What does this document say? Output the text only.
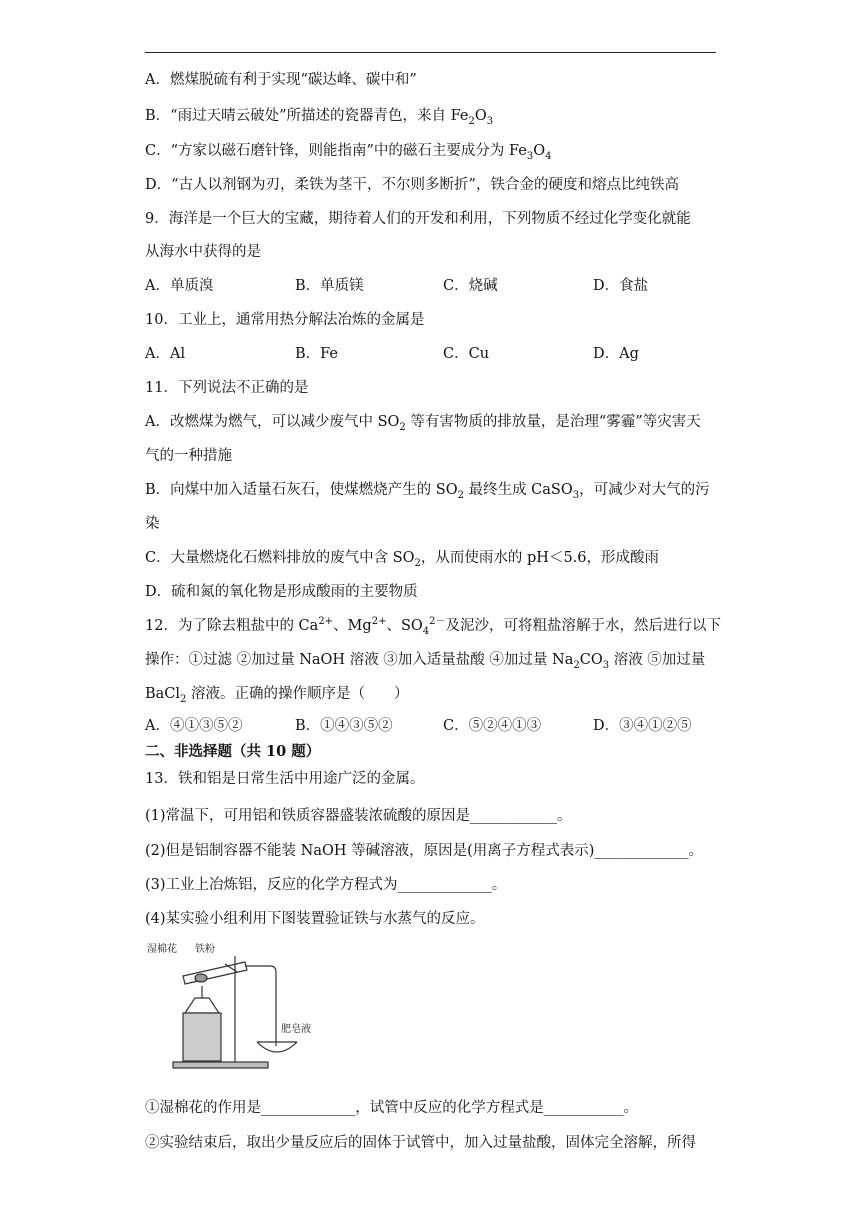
A．燃煤脱硫有利于实现“碳达峰、碳中和”
B．“雨过天晴云破处”所描述的瓷器青色，来自 $Fe_2O_3$
C．“方家以磁石磨针锋，则能指南”中的磁石主要成分为 $Fe_3O_4$
D．“古人以剂钢为刃，柔铁为茎干，不尔则多断折”，铁合金的硬度和熔点比纯铁高
9．海洋是一个巨大的宝藏，期待着人们的开发和利用，下列物质不经过化学变化就能
从海水中获得的是
A．单质溴	B．单质镁	C．烧碱	D．食盐
10．工业上，通常用热分解法冶炼的金属是
A．Al	B．Fe	C．Cu	D．Ag
11．下列说法不正确的是
A．改燃煤为燃气，可以减少废气中 $SO_2$ 等有害物质的排放量，是治理“雾霾”等灾害天
气的一种措施
B．向煤中加入适量石灰石，使煤燃烧产生的 $SO_2$ 最终生成 CaSO$_3$，可减少对大气的污
染
C．大量燃烧化石燃料排放的废气中含 $SO_2$，从而使雨水的 pH＜5.6，形成酸雨
D．硫和氮的氧化物是形成酸雨的主要物质
12．为了除去粗盐中的 $Ca^{2+}$、$Mg^{2+}$、$SO_4^{2-}$及泥沙，可将粗盐溶解于水，然后进行以下
操作：①过滤 ②加过量 NaOH 溶液 ③加入适量盐酸 ④加过量 $Na_2CO_3$ 溶液 ⑤加过量
BaCl$_2$ 溶液。正确的操作顺序是（　　）
A．④①③⑤②	B．①④③⑤②	C．⑤②④①③	D．③④①②⑤
二、非选择题（共 10 题）
13．铁和铝是日常生活中用途广泛的金属。
(1)常温下，可用铝和铁质容器盛装浓硫酸的原因是____________。
(2)但是铝制容器不能装 NaOH 等碱溶液，原因是(用离子方程式表示)_____________。
(3)工业上冶炼铝，反应的化学方程式为_____________。
(4)某实验小组利用下图装置验证铁与水蒸气的反应。
湿棉花 铁粉
肥皂液
①湿棉花的作用是_____________，试管中反应的化学方程式是___________。
②实验结束后，取出少量反应后的固体于试管中，加入过量盐酸，固体完全溶解，所得
